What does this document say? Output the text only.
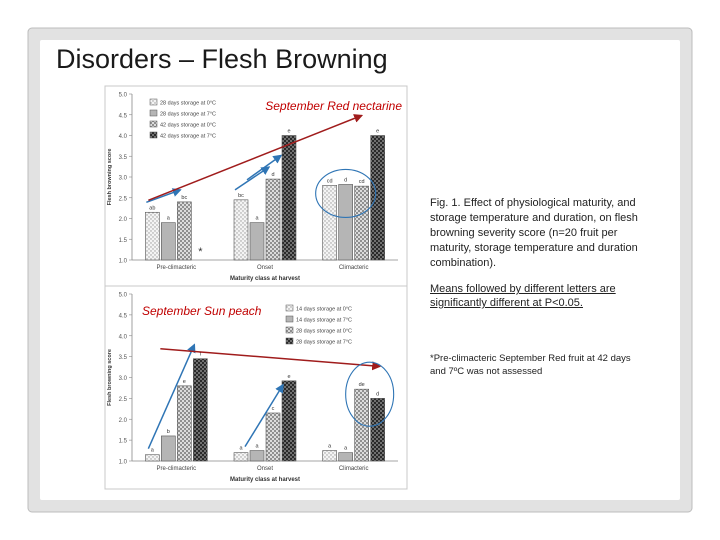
1.0
1.5
2.0
2.5
3.0
3.5
4.0
4.5
5.0
Flesh browning score
Maturity class at harvest
Pre-climacteric
ab
a
bc
*
Onset
bc
a
d
e
Climacteric
cd d cd
e
28 days storage at 0°C
28 days storage at 7°C
42 days storage at 0°C
42 days storage at 7°C
September Red nectarine
1.0
1.5
2.0
2.5
3.0
3.5
4.0
4.5
5.0
Flesh browning score
Maturity class at harvest
Pre-climacteric
a
b
e
f
Onset
a a
c
e
Climacteric
a a
de
d
14 days storage at 0°C
14 days storage at 7°C
28 days storage at 0°C
28 days storage at 7°C
September Sun peach
Disorders – Flesh Browning
Fig. 1. Effect of physiological maturity, and storage temperature and duration, on flesh browning severity score (n=20 fruit per maturity, storage temperature and duration combination).
Means followed by different letters are significantly different at P<0.05.
*Pre-climacteric September Red fruit at 42 days and 7ºC was not assessed
